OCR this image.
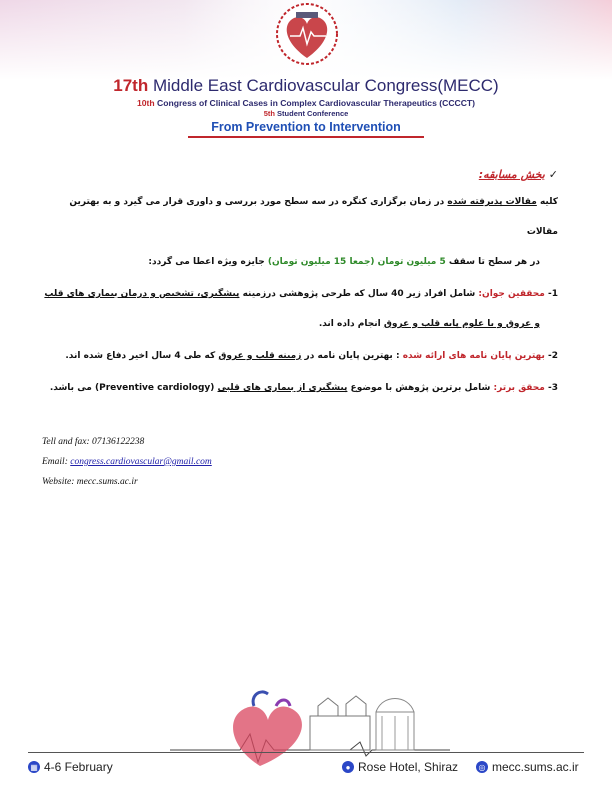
17th Middle East Cardiovascular Congress(MECC)
10th Congress of Clinical Cases in Complex Cardiovascular Therapeutics (CCCCT)
5th Student Conference
From Prevention to Intervention
✓بخش مسابقه:
کلیه مقالات پذیرفته شده در زمان برگزاری کنگره در سه سطح مورد بررسی و داوری قرار می گیرد و به بهترین مقالات
در هر سطح تا سقف 5 میلیون تومان (جمعا 15 میلیون تومان) جایزه ویژه اعطا می گردد:
1- محققین جوان: شامل افراد زیر 40 سال که طرحی پژوهشی درزمینه پیشگیری، تشخیص و درمان بیماری های قلب
و عروق و یا علوم پایه قلب و عروق انجام داده اند.
2- بهترین پایان نامه های ارائه شده : بهترین پایان نامه در زمینه قلب و عروق که طی 4 سال اخیر دفاع شده اند.
3- محقق برتر: شامل برترین پژوهش با موضوع پیشگیری از بیماری های قلبی (Preventive cardiology) می باشد.
Tell and fax: 07136122238
Email: congress.cardiovascular@gmail.com
Website: mecc.sums.ac.ir
▦ 4-6 February	● Rose Hotel, Shiraz	◎ mecc.sums.ac.ir
